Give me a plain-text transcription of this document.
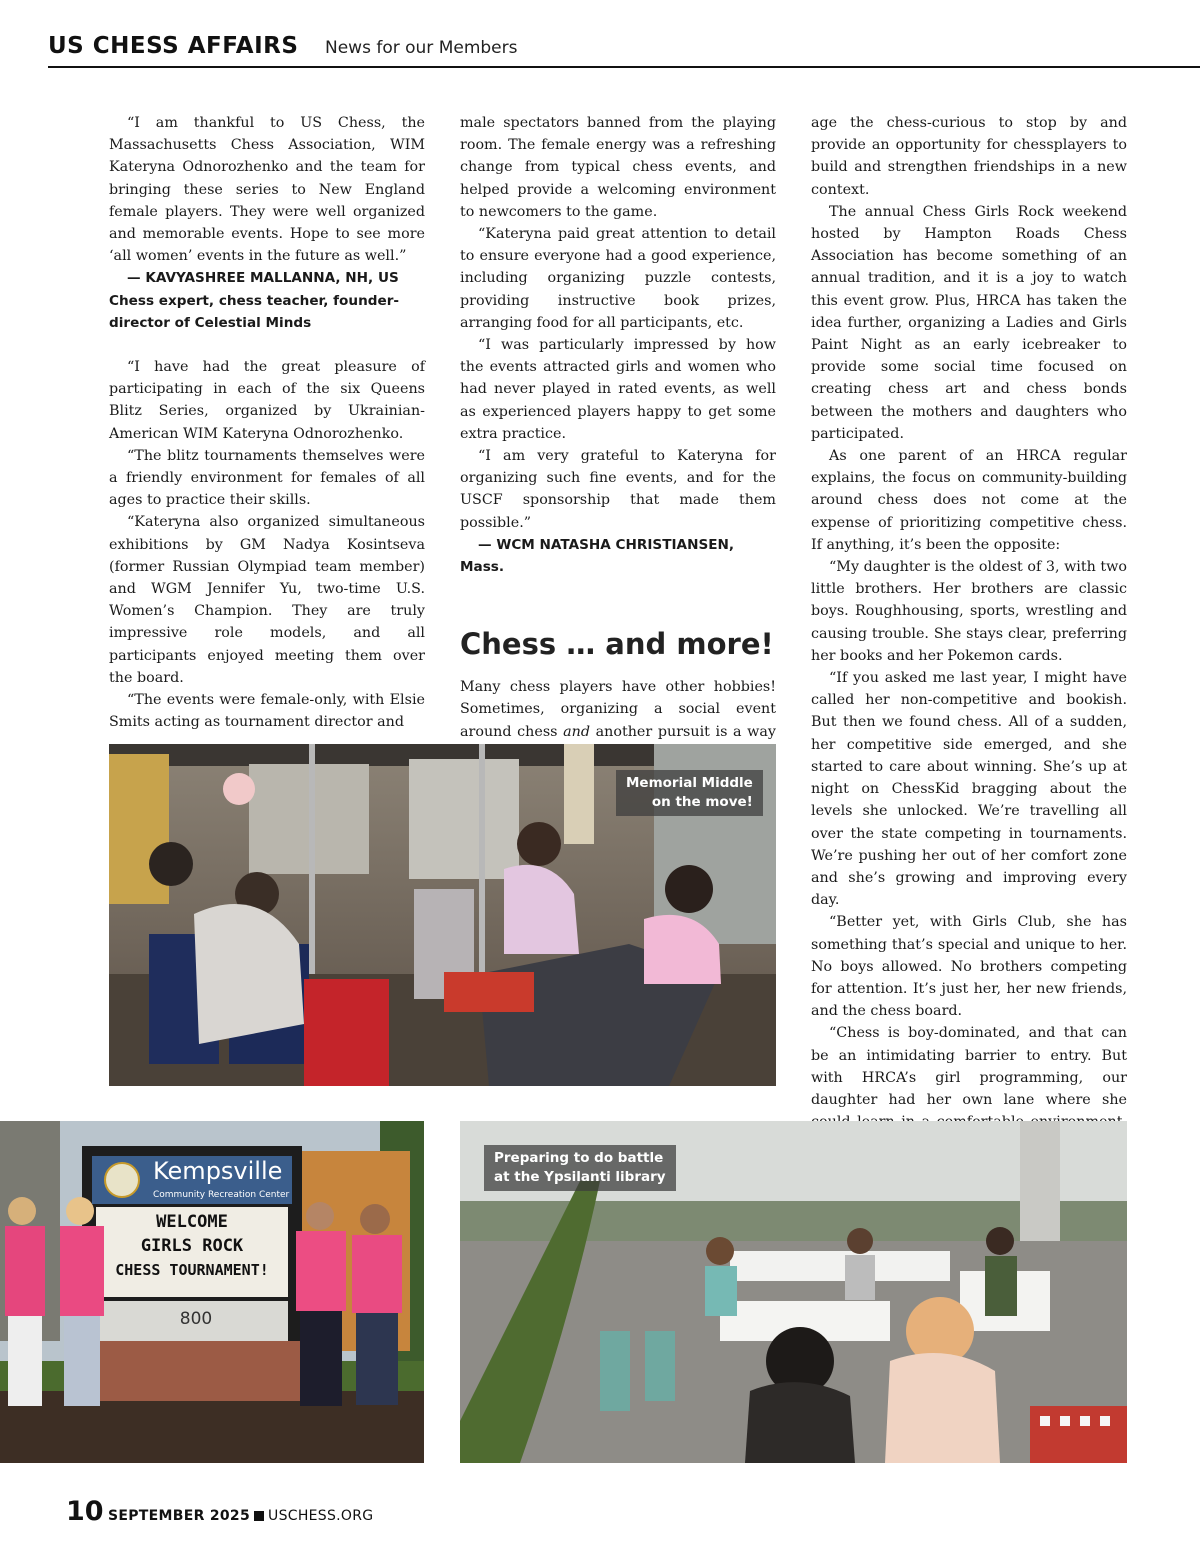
US CHESS AFFAIRS News for our Members

“I am thankful to US Chess, the Massachusetts Chess Association, WIM Kateryna Odnorozhenko and the team for bringing these series to New England female players. They were well organized and memorable events. Hope to see more ‘all women’ events in the future as well.”

— KAVYASHREE MALLANNA, NH, US Chess expert, chess teacher, founder-director of Celestial Minds

“I have had the great pleasure of participating in each of the six Queens Blitz Series, organized by Ukrainian-American WIM Kateryna Odnorozhenko.

“The blitz tournaments themselves were a friendly environment for females of all ages to practice their skills.

“Kateryna also organized simultaneous exhibitions by GM Nadya Kosintseva (former Russian Olympiad team member) and WGM Jennifer Yu, two-time U.S. Women’s Champion. They are truly impressive role models, and all participants enjoyed meeting them over the board.

“The events were female-only, with Elsie Smits acting as tournament director and

male spectators banned from the playing room. The female energy was a refreshing change from typical chess events, and helped provide a welcoming environment to newcomers to the game.

“Kateryna paid great attention to detail to ensure everyone had a good experience, including organizing puzzle contests, providing instructive book prizes, arranging food for all participants, etc.

“I was particularly impressed by how the events attracted girls and women who had never played in rated events, as well as experienced players happy to get some extra practice.

“I am very grateful to Kateryna for organizing such fine events, and for the USCF sponsorship that made them possible.”

— WCM NATASHA CHRISTIANSEN, Mass.

Chess … and more!

Many chess players have other hobbies! Sometimes, organizing a social event around chess and another pursuit is a way

age the chess-curious to stop by and provide an opportunity for chessplayers to build and strengthen friendships in a new context.

The annual Chess Girls Rock weekend hosted by Hampton Roads Chess Association has become something of an annual tradition, and it is a joy to watch this event grow. Plus, HRCA has taken the idea further, organizing a Ladies and Girls Paint Night as an early icebreaker to provide some social time focused on creating chess art and chess bonds between the mothers and daughters who participated.

As one parent of an HRCA regular explains, the focus on community-building around chess does not come at the expense of prioritizing competitive chess. If anything, it’s been the opposite:

“My daughter is the oldest of 3, with two little brothers. Her brothers are classic boys. Roughhousing, sports, wrestling and causing trouble. She stays clear, preferring her books and her Pokemon cards.

“If you asked me last year, I might have called her non-competitive and bookish. But then we found chess. All of a sudden, her competitive side emerged, and she started to care about winning. She’s up at night on ChessKid bragging about the levels she unlocked. We’re travelling all over the state competing in tournaments. We’re pushing her out of her comfort zone and she’s growing and improving every day.

“Better yet, with Girls Club, she has something that’s special and unique to her. No boys allowed. No brothers competing for attention. It’s just her, her new friends, and the chess board.

“Chess is boy-dominated, and that can be an intimidating barrier to entry. But with HRCA’s girl programming, our daughter had her own lane where she

Memorial Middle
on the move!
Kempsville
Community Recreation Center
WELCOME
GIRLS ROCK
CHESS TOURNAMENT!
800
Preparing to do battle
at the Ypsilanti library
10 SEPTEMBER 2025 USCHESS.ORG
